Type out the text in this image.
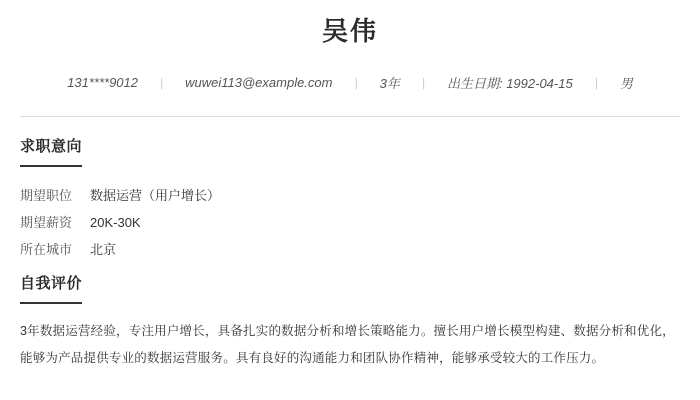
吴伟
131****9012 | wuwei113@example.com | 3年 | 出生日期: 1992-04-15 | 男
求职意向
期望职位	数据运营（用户增长）
期望薪资	20K-30K
所在城市	北京
自我评价

3年数据运营经验，专注用户增长，具备扎实的数据分析和增长策略能力。擅长用户增长模型构建、数据分析和优化，能够为产品提供专业的数据运营服务。具有良好的沟通能力和团队协作精神，能够承受较大的工作压力。
